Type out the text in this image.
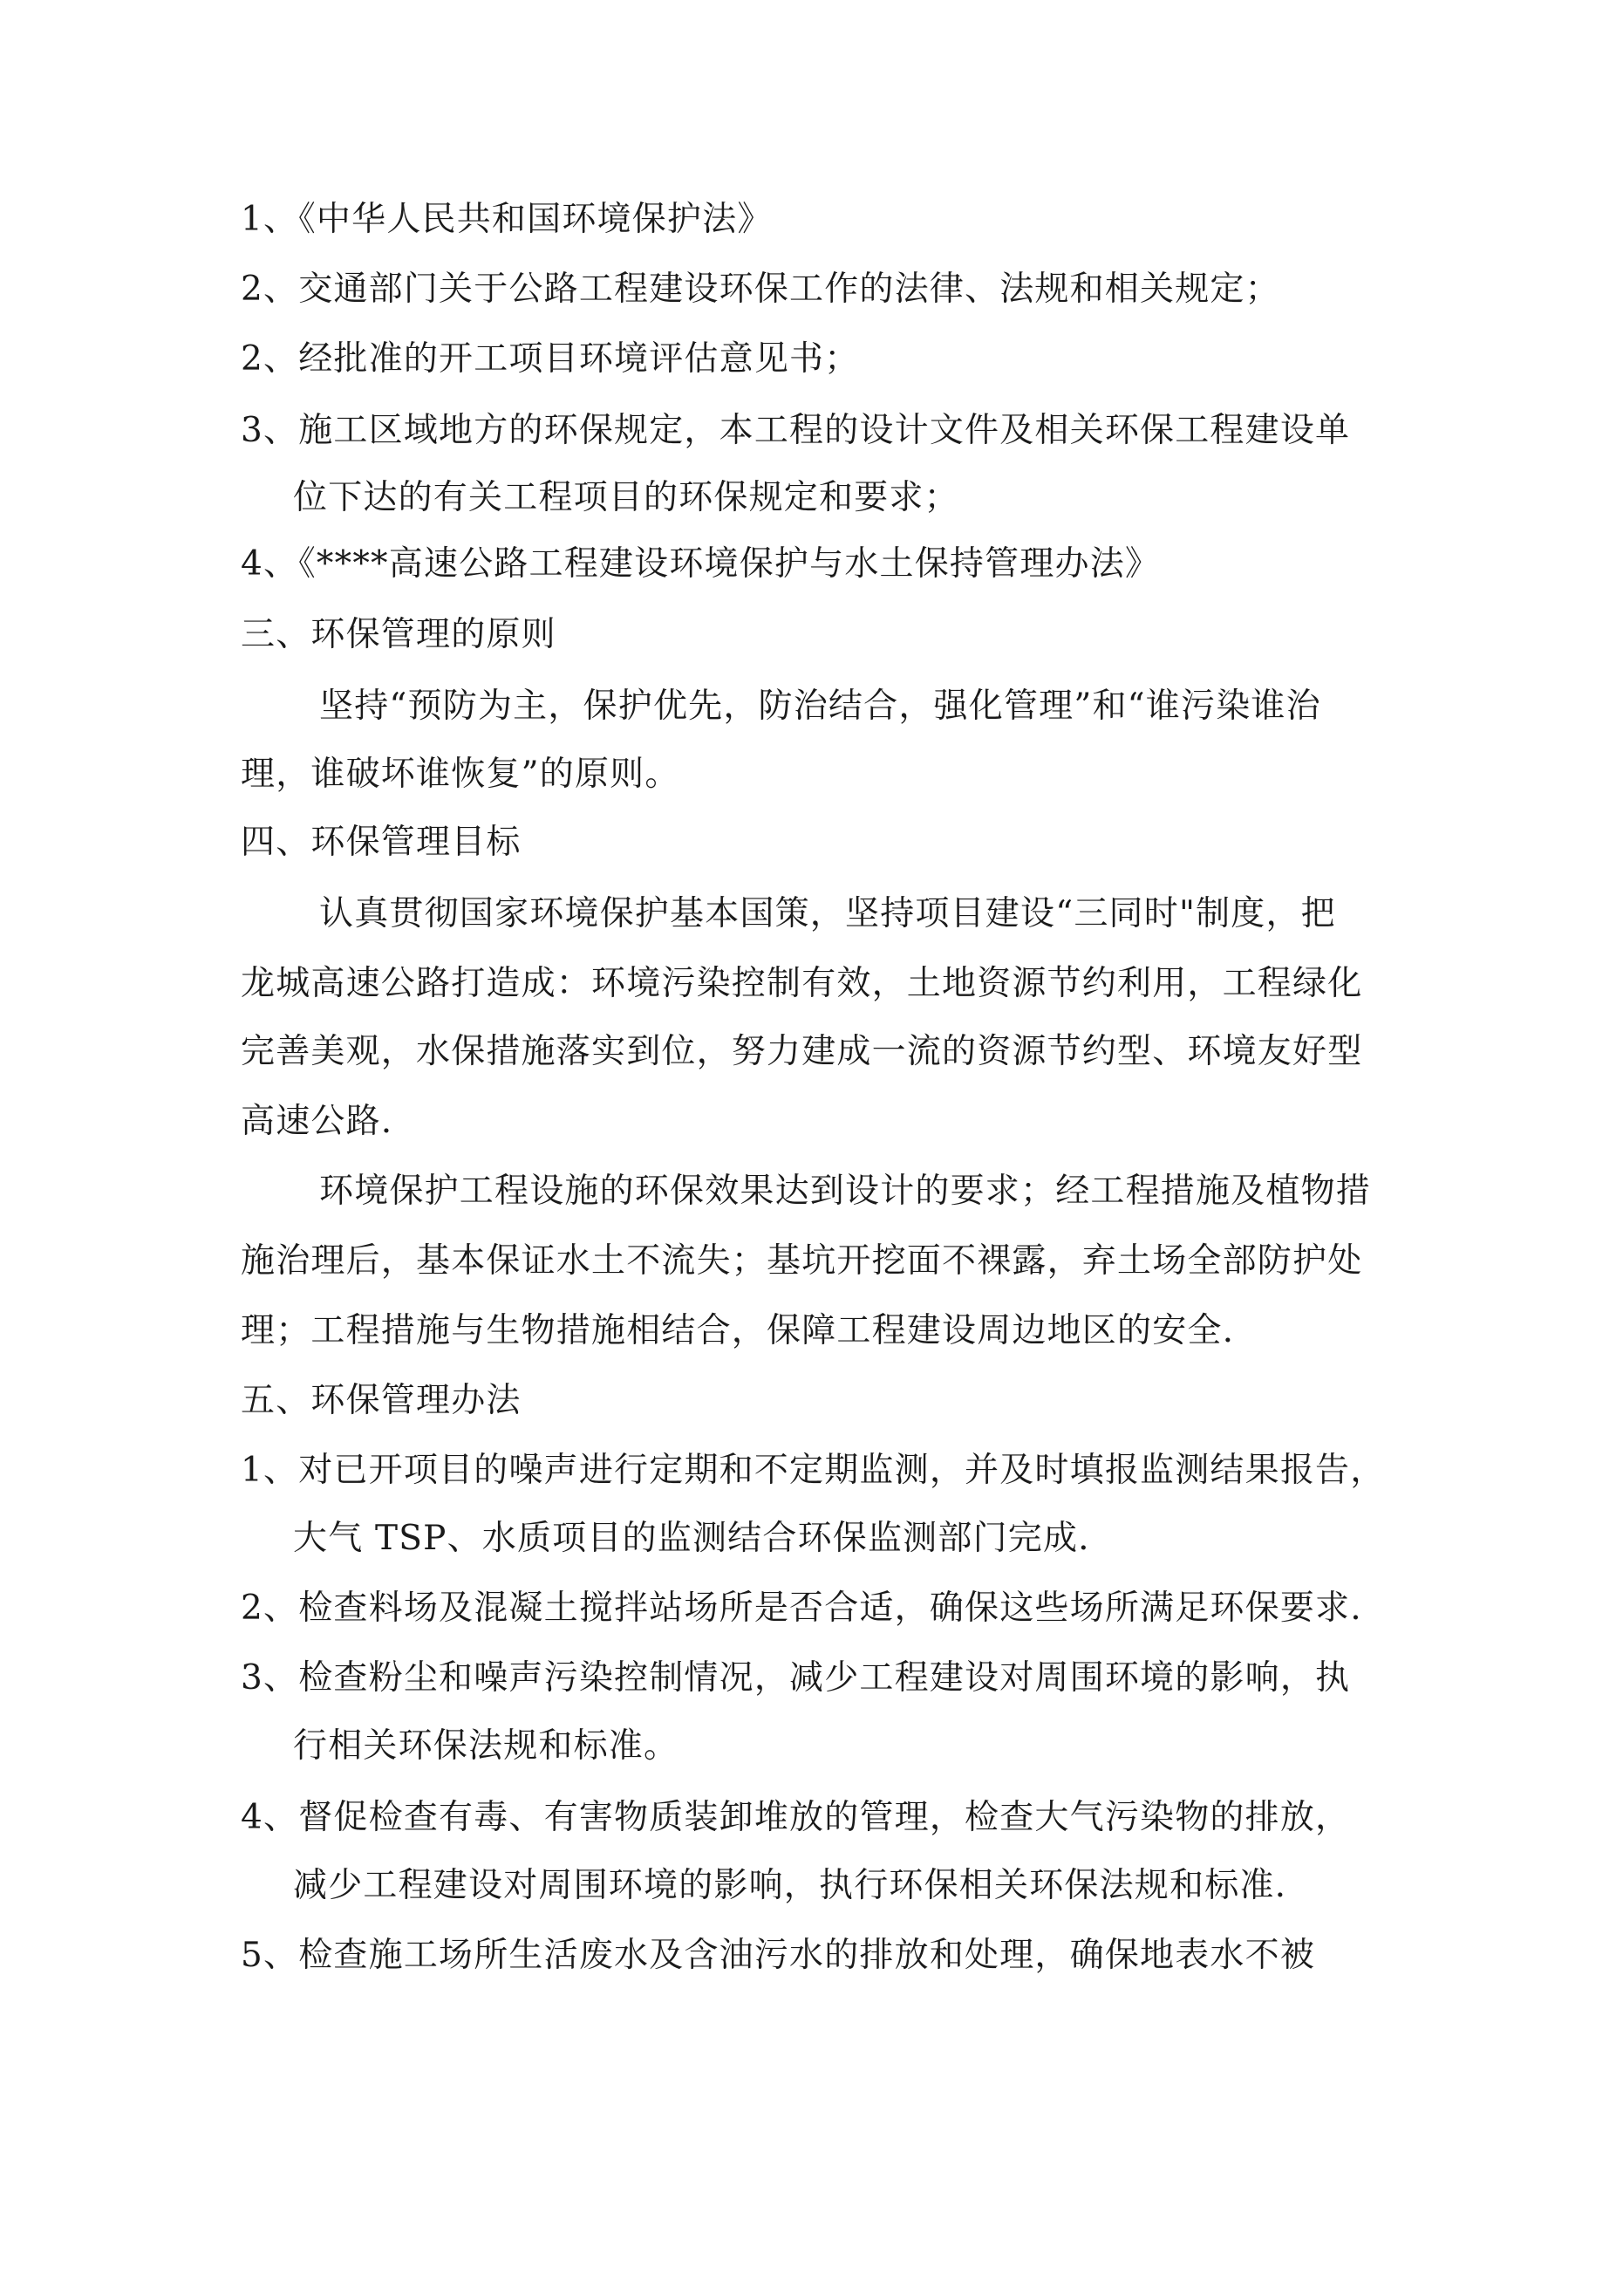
1、《中华人民共和国环境保护法》
2、交通部门关于公路工程建设环保工作的法律、法规和相关规定；
2、经批准的开工项目环境评估意见书；
3、施工区域地方的环保规定，本工程的设计文件及相关环保工程建设单
位下达的有关工程项目的环保规定和要求；
4、《****高速公路工程建设环境保护与水土保持管理办法》
三、环保管理的原则
坚持“预防为主，保护优先，防治结合，强化管理”和“谁污染谁治
理，谁破坏谁恢复”的原则。
四、环保管理目标
认真贯彻国家环境保护基本国策，坚持项目建设“三同时"制度，把
龙城高速公路打造成：环境污染控制有效，土地资源节约利用，工程绿化
完善美观，水保措施落实到位，努力建成一流的资源节约型、环境友好型
高速公路.
环境保护工程设施的环保效果达到设计的要求；经工程措施及植物措
施治理后，基本保证水土不流失；基坑开挖面不裸露，弃土场全部防护处
理；工程措施与生物措施相结合，保障工程建设周边地区的安全.
五、环保管理办法
1、对已开项目的噪声进行定期和不定期监测，并及时填报监测结果报告，
大气 TSP、水质项目的监测结合环保监测部门完成.
2、检查料场及混凝土搅拌站场所是否合适，确保这些场所满足环保要求.
3、检查粉尘和噪声污染控制情况，减少工程建设对周围环境的影响，执
行相关环保法规和标准。
4、督促检查有毒、有害物质装卸堆放的管理，检查大气污染物的排放，
减少工程建设对周围环境的影响，执行环保相关环保法规和标准.
5、检查施工场所生活废水及含油污水的排放和处理，确保地表水不被
